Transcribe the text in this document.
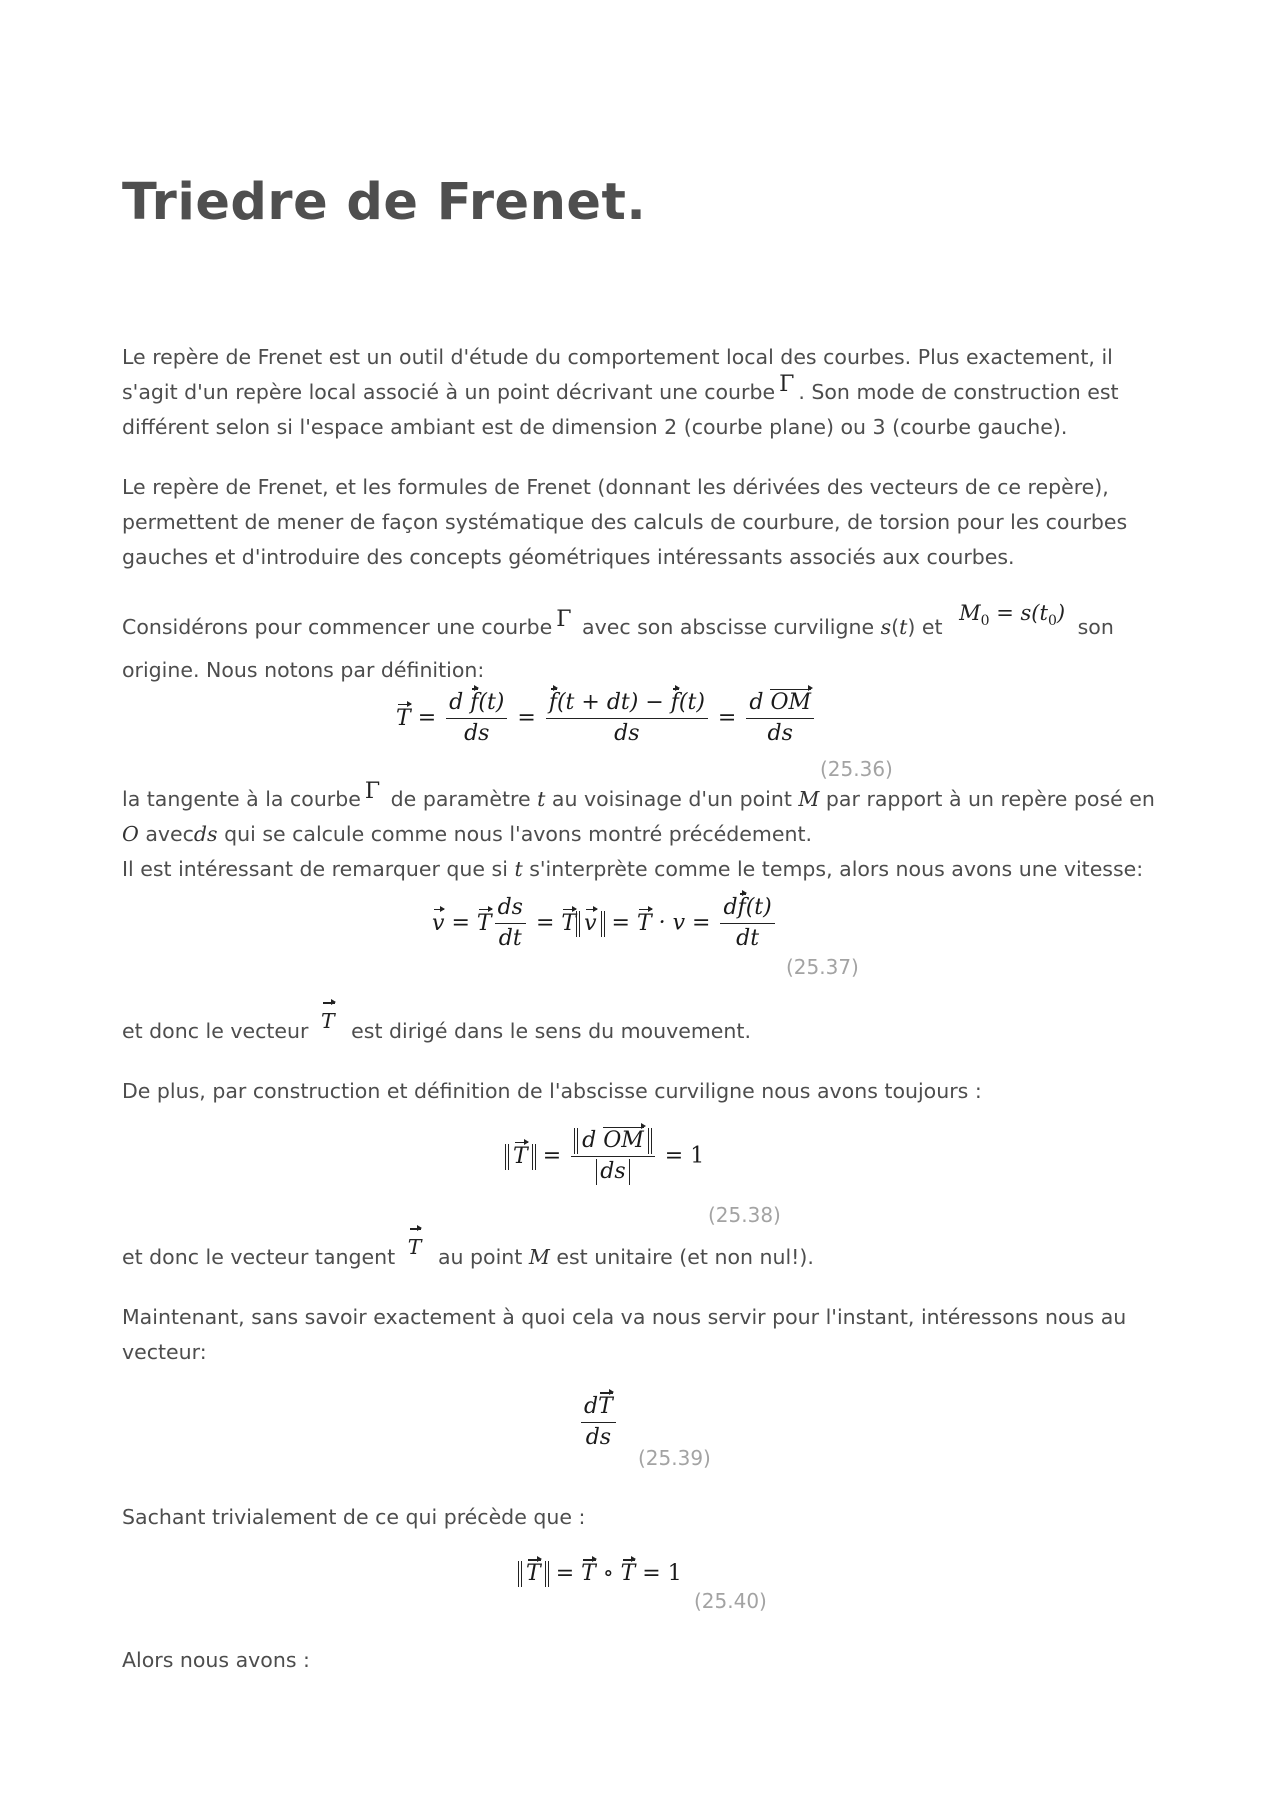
Triedre de Frenet.

Le repère de Frenet est un outil d'étude du comportement local des courbes. Plus exactement, il s'agit d'un repère local associé à un point décrivant une courbe Γ . Son mode de construction est différent selon si l'espace ambiant est de dimension 2 (courbe plane) ou 3 (courbe gauche).

Le repère de Frenet, et les formules de Frenet (donnant les dérivées des vecteurs de ce repère), permettent de mener de façon systématique des calculs de courbure, de torsion pour les courbes gauches et d'introduire des concepts géométriques intéressants associés aux courbes.

Considérons pour commencer une courbe Γ avec son abscisse curviligne s(t) et $M_0 = s(t_0)$ son origine. Nous notons par définition:

$T = \frac{\text{d f(t)}}{ds} = \frac{f(t + dt) - f(t)}{ds} = \frac{\text{d OM}}{ds}$
(25.36)

la tangente à la courbe Γ de paramètre t au voisinage d'un point M par rapport à un repère posé en O avecds qui se calcule comme nous l'avons montré précédement.
Il est intéressant de remarquer que si t s'interprète comme le temps, alors nous avons une vitesse:

v = T $\frac{ds}{dt} = T$ $v = T \cdot v = \frac{df(t)}{dt}$
(25.37)

et donc le vecteur T est dirigé dans le sens du mouvement.

De plus, par construction et définition de l'abscisse curviligne nous avons toujours :

$T = \frac{\text{d OM}}{ds} = 1$
(25.38)

et donc le vecteur tangent T au point M est unitaire (et non nul!).

Maintenant, sans savoir exactement à quoi cela va nous servir pour l'instant, intéressons nous au vecteur:

$\frac{dT}{ds}$
(25.39)

Sachant trivialement de ce qui précède que :

T = T ∘ T = 1
(25.40)

Alors nous avons :
